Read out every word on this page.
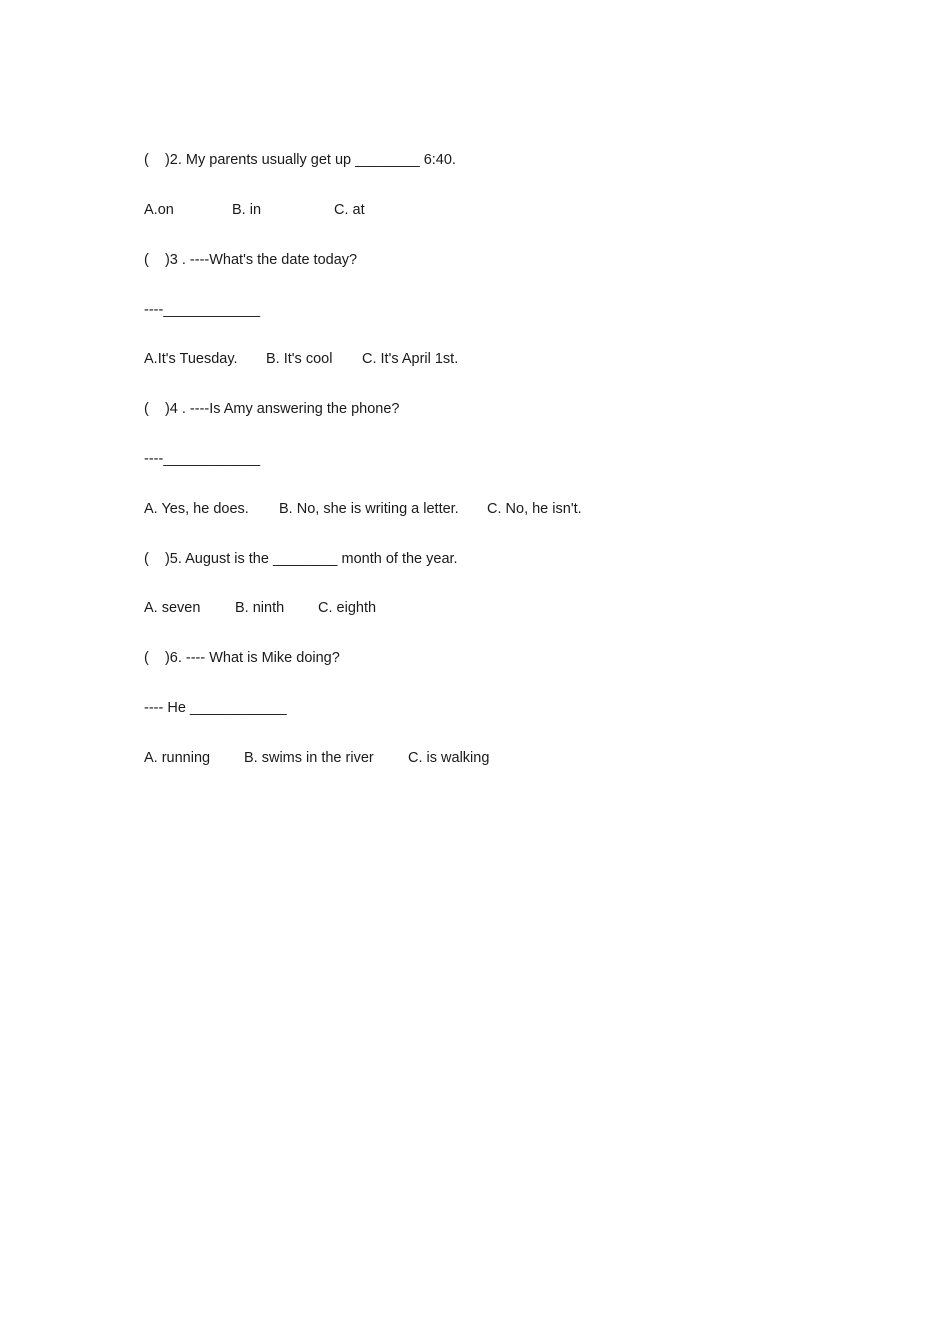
(    )2. My parents usually get up ________ 6:40.

A.on

	B. in

	C. at

(    )3 . ----What's the date today?
----____________

A.It's Tuesday.

B. It's cool

C. It's April 1st.

(    )4 . ----Is Amy answering the phone?
----____________

A. Yes, he does.

B. No, she is writing a letter.

C. No, he isn't.

(    )5. August is the ________ month of the year.

A. seven

B. ninth

C. eighth

(    )6. ---- What is Mike doing?
---- He ____________

A. running

B. swims in the river

C. is walking
